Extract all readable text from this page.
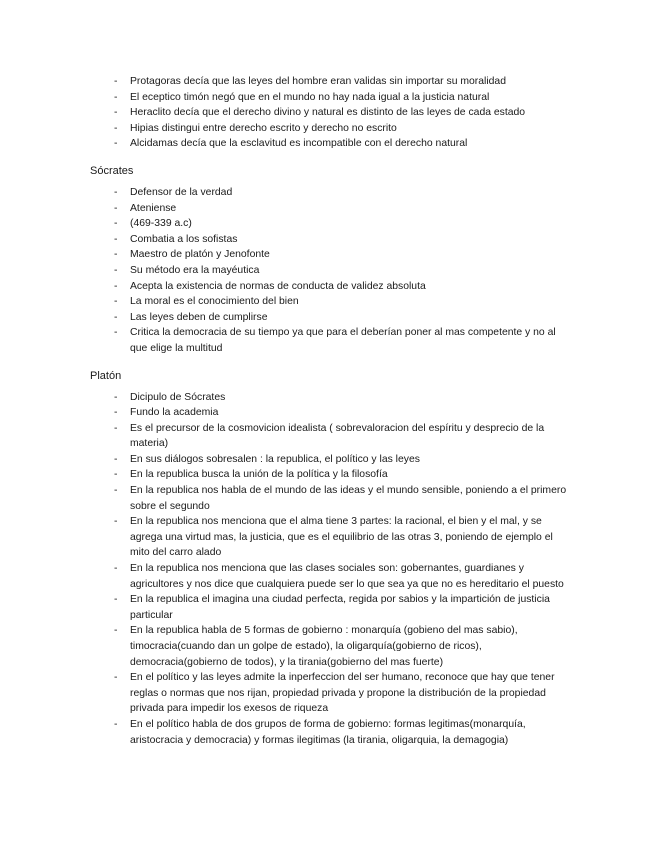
- Protagoras decía que las leyes del hombre eran validas sin importar su moralidad
- El eceptico timón negó que en el mundo no hay nada igual a la justicia natural
- Heraclito decía que el derecho divino y natural es distinto de las leyes de cada estado
- Hipias distingui entre derecho escrito y derecho no escrito
- Alcidamas decía que la esclavitud es incompatible con el derecho natural

Sócrates

- Defensor de la verdad
- Ateniense
- (469-339 a.c)
- Combatia a los sofistas
- Maestro de platón y Jenofonte
- Su método era la mayéutica
- Acepta la existencia de normas de conducta de validez absoluta
- La moral es el conocimiento del bien
- Las leyes deben de cumplirse
- Critica la democracia de su tiempo ya que para el deberían poner al mas competente y no al que elige la multitud

Platón

- Dicipulo de Sócrates
- Fundo la academia
- Es el precursor de la cosmovicion idealista ( sobrevaloracion del espíritu y desprecio de la materia)
- En sus diálogos sobresalen : la republica, el político y las leyes
- En la republica busca la unión de la política y la filosofía
- En la republica nos habla de el mundo de las ideas y el mundo sensible, poniendo a el primero sobre el segundo
- En la republica nos menciona que el alma tiene 3 partes: la racional, el bien y el mal, y se agrega una virtud mas, la justicia, que es el equilibrio de las otras 3, poniendo de ejemplo el mito del carro alado
- En la republica nos menciona que las clases sociales son: gobernantes, guardianes y agricultores y nos dice que cualquiera puede ser lo que sea ya que no es hereditario el puesto
- En la republica el imagina una ciudad perfecta, regida por sabios y la impartición de justicia particular
- En la republica habla de 5 formas de gobierno : monarquía (gobieno del mas sabio), timocracia(cuando dan un golpe de estado), la oligarquía(gobierno de ricos), democracia(gobierno de todos), y la tirania(gobierno del mas fuerte)
- En el político y las leyes admite la inperfeccion del ser humano, reconoce que hay que tener reglas o normas que nos rijan, propiedad privada y propone la distribución de la propiedad privada para impedir los exesos de riqueza
- En el político habla de dos grupos de forma de gobierno: formas legitimas(monarquía, aristocracia y democracia) y formas ilegitimas (la tirania, oligarquia, la demagogia)
